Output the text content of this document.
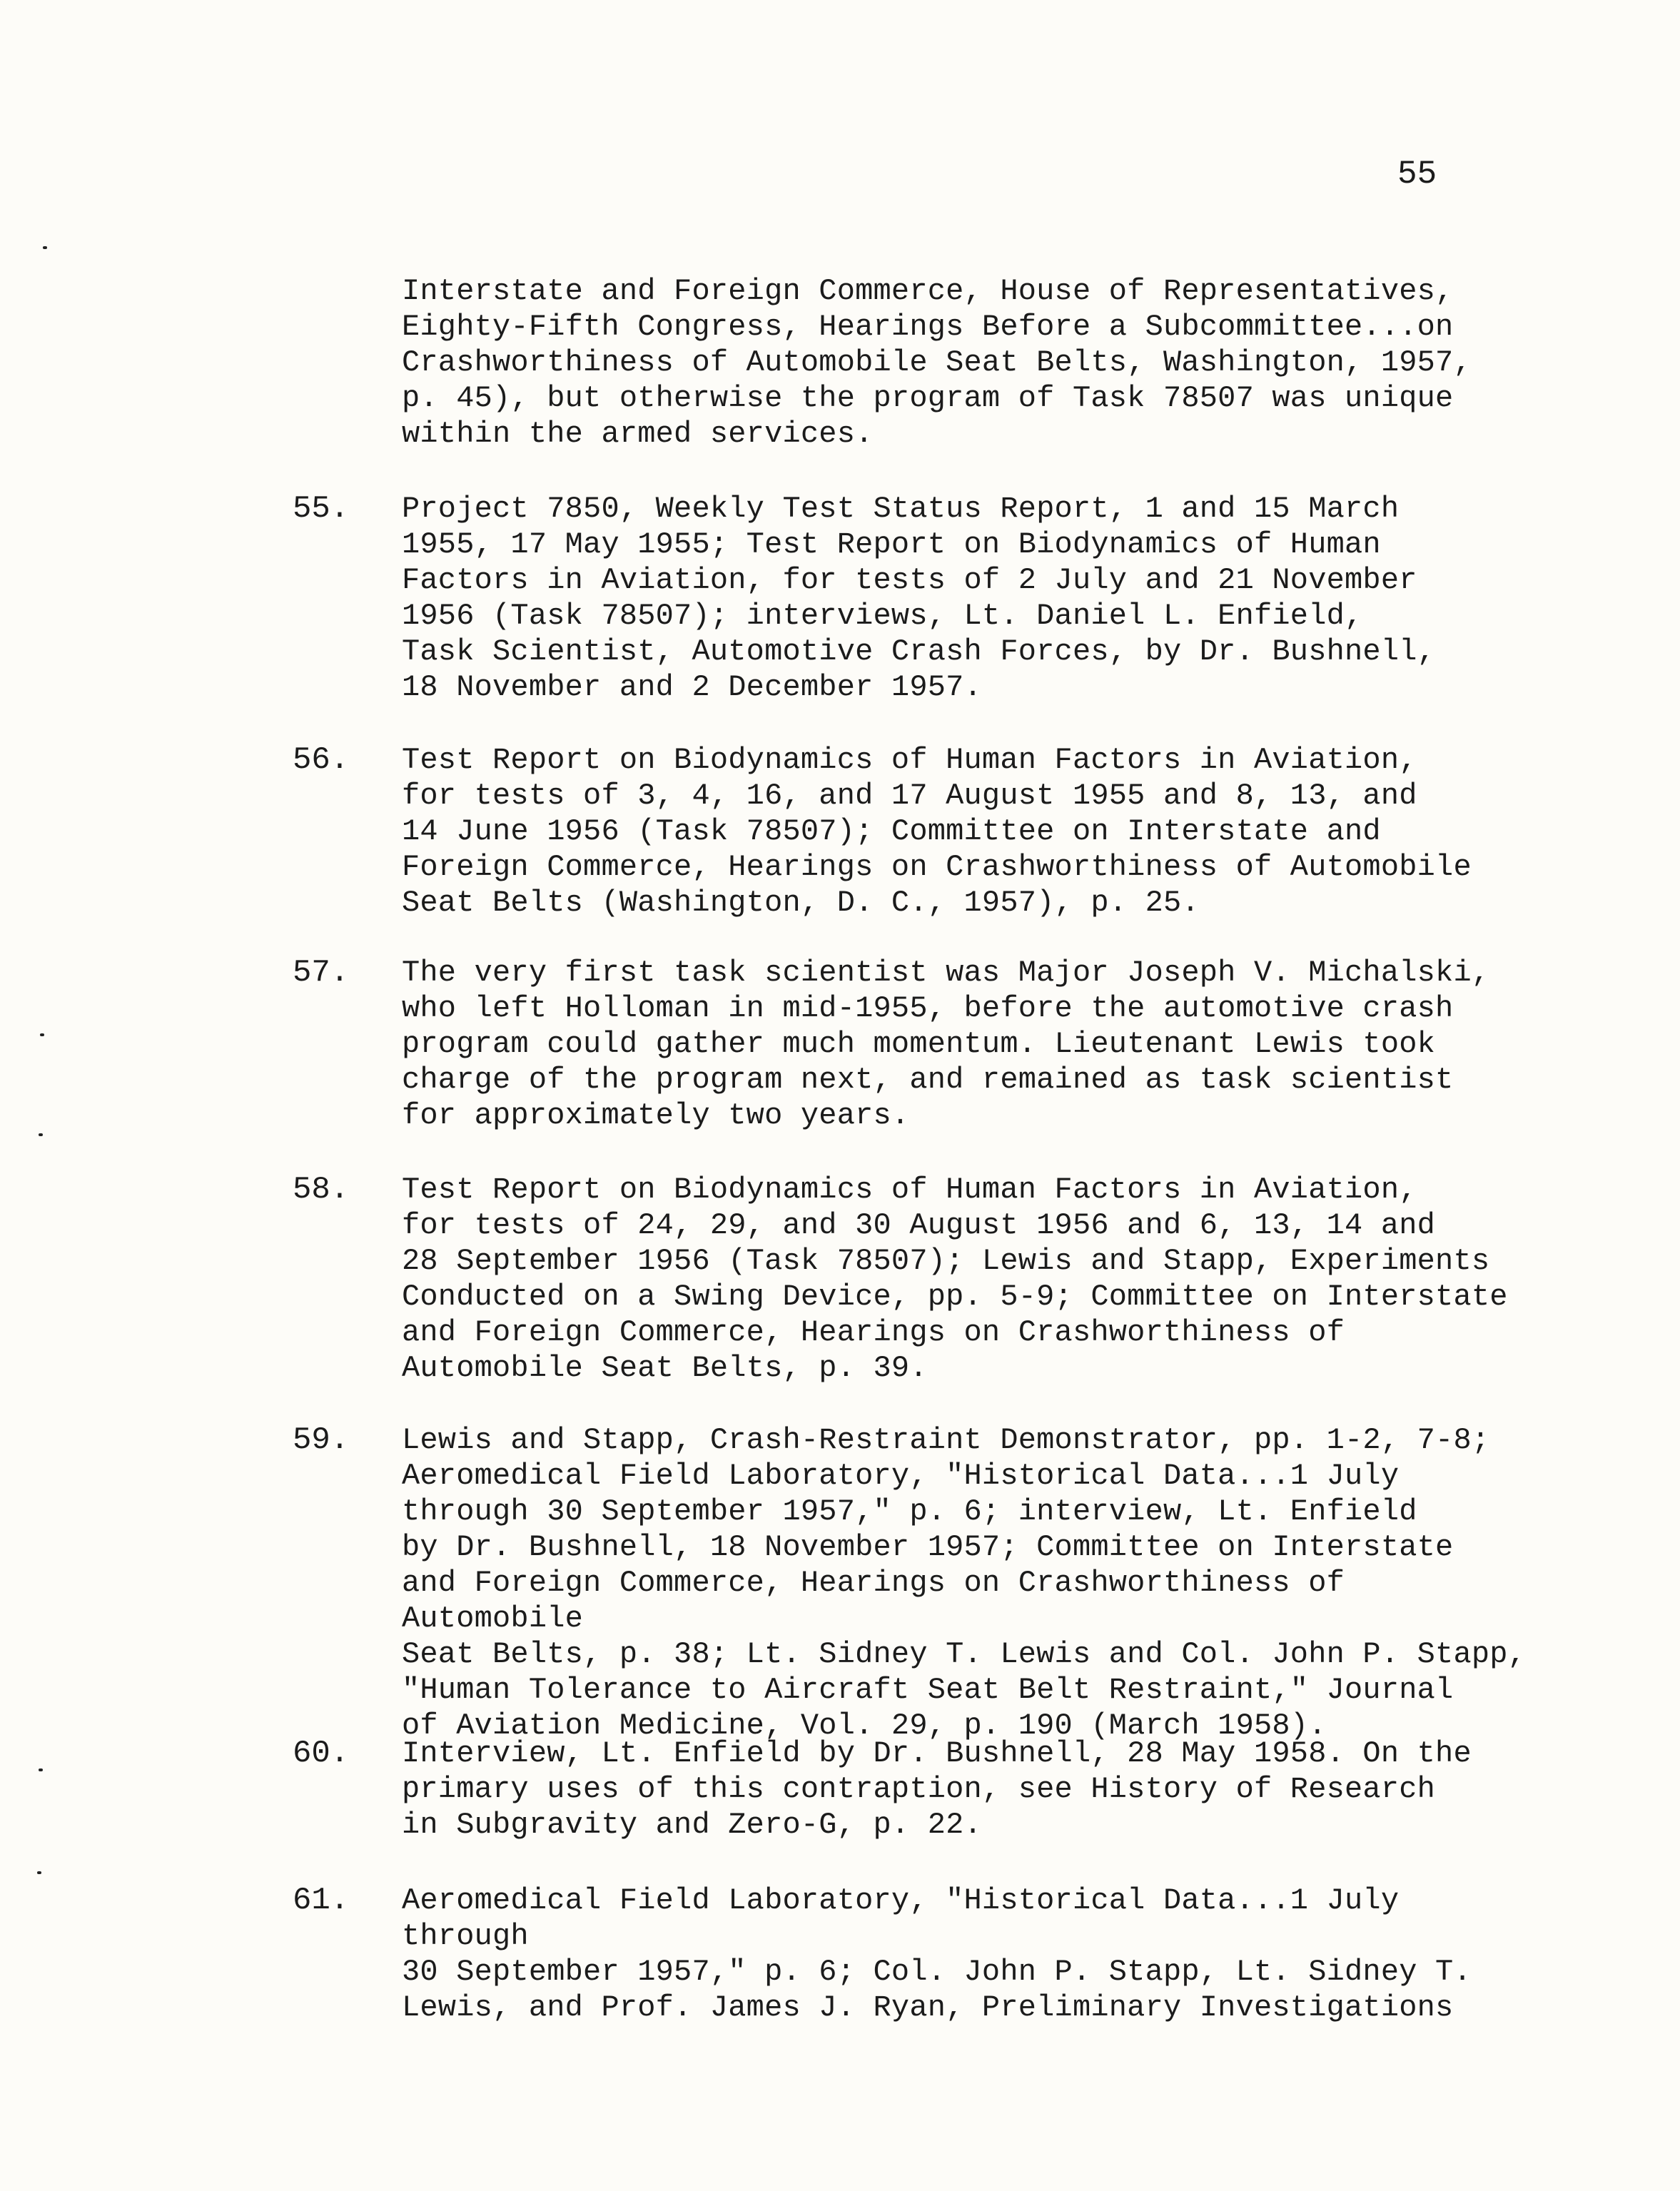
55
Interstate and Foreign Commerce, House of Representatives,
Eighty-Fifth Congress, Hearings Before a Subcommittee...on
Crashworthiness of Automobile Seat Belts, Washington, 1957,
p. 45), but otherwise the program of Task 78507 was unique
within the armed services.
55. Project 7850, Weekly Test Status Report, 1 and 15 March
1955, 17 May 1955; Test Report on Biodynamics of Human
Factors in Aviation, for tests of 2 July and 21 November
1956 (Task 78507); interviews, Lt. Daniel L. Enfield,
Task Scientist, Automotive Crash Forces, by Dr. Bushnell,
18 November and 2 December 1957.
56. Test Report on Biodynamics of Human Factors in Aviation,
for tests of 3, 4, 16, and 17 August 1955 and 8, 13, and
14 June 1956 (Task 78507); Committee on Interstate and
Foreign Commerce, Hearings on Crashworthiness of Automobile
Seat Belts (Washington, D. C., 1957), p. 25.
57. The very first task scientist was Major Joseph V. Michalski,
who left Holloman in mid-1955, before the automotive crash
program could gather much momentum. Lieutenant Lewis took
charge of the program next, and remained as task scientist
for approximately two years.
58. Test Report on Biodynamics of Human Factors in Aviation,
for tests of 24, 29, and 30 August 1956 and 6, 13, 14 and
28 September 1956 (Task 78507); Lewis and Stapp, Experiments
Conducted on a Swing Device, pp. 5-9; Committee on Interstate
and Foreign Commerce, Hearings on Crashworthiness of
Automobile Seat Belts, p. 39.
59. Lewis and Stapp, Crash-Restraint Demonstrator, pp. 1-2, 7-8;
Aeromedical Field Laboratory, "Historical Data...1 July
through 30 September 1957," p. 6; interview, Lt. Enfield
by Dr. Bushnell, 18 November 1957; Committee on Interstate
and Foreign Commerce, Hearings on Crashworthiness of Automobile
Seat Belts, p. 38; Lt. Sidney T. Lewis and Col. John P. Stapp,
"Human Tolerance to Aircraft Seat Belt Restraint," Journal
of Aviation Medicine, Vol. 29, p. 190 (March 1958).
60. Interview, Lt. Enfield by Dr. Bushnell, 28 May 1958. On the
primary uses of this contraption, see History of Research
in Subgravity and Zero-G, p. 22.
61. Aeromedical Field Laboratory, "Historical Data...1 July through
30 September 1957," p. 6; Col. John P. Stapp, Lt. Sidney T.
Lewis, and Prof. James J. Ryan, Preliminary Investigations
